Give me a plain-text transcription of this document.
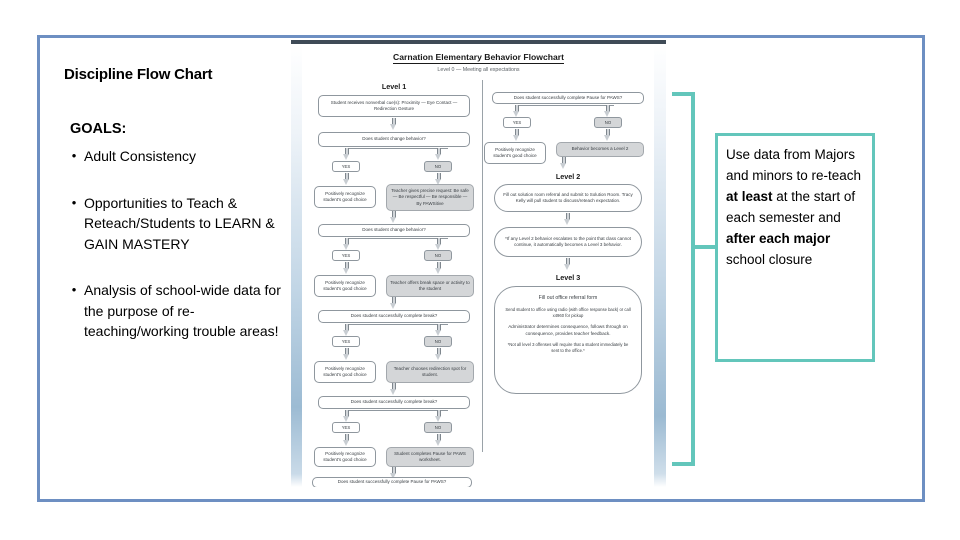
Discipline Flow Chart
GOALS:
• Adult Consistency
• Opportunities to Teach & Reteach/Students to LEARN & GAIN MASTERY
• Analysis of school-wide data for the purpose of re-teaching/working trouble areas!
Carnation Elementary Behavior Flowchart
Level 0 — Meeting all expectations
Level 1
Student receives nonverbal cue(s): Proximity — Eye Contact — Redirection Gesture
Does student change behavior?
YES	NO
Positively recognize student's good choice
Teacher gives precise request: Be safe — Be respectful — Be responsible — By PAWSitive
Does student change behavior?
YES	NO
Positively recognize student's good choice
Teacher offers break space or activity to the student
Does student successfully complete break?
YES	NO
Positively recognize student's good choice
Teacher chooses redirection spot for student.
Does student successfully complete break?
YES	NO
Positively recognize student's good choice
Student completes Pause for PAWS worksheet.
Does student successfully complete Pause for PAWS?
Does student successfully complete Pause for PAWS?
YES	NO
Positively recognize student's good choice
Behavior becomes a Level 2
Level 2
Fill out solution room referral and submit to Solution Room. Tracy Kelly will pull student to discuss/reteach expectation.
*If any Level 2 behavior escalates to the point that class cannot continue, it automatically becomes a Level 3 behavior.
Level 3
Fill out office referral form
Send student to office using radio (with office response back) or call x4960 for pickup
Administrator determines consequence, follows through on consequence, provides teacher feedback.
*Not all level 3 offenses will require that a student immediately be sent to the office.*
Use data from Majors and minors to re-teach at least at the start of each semester and after each major school closure
